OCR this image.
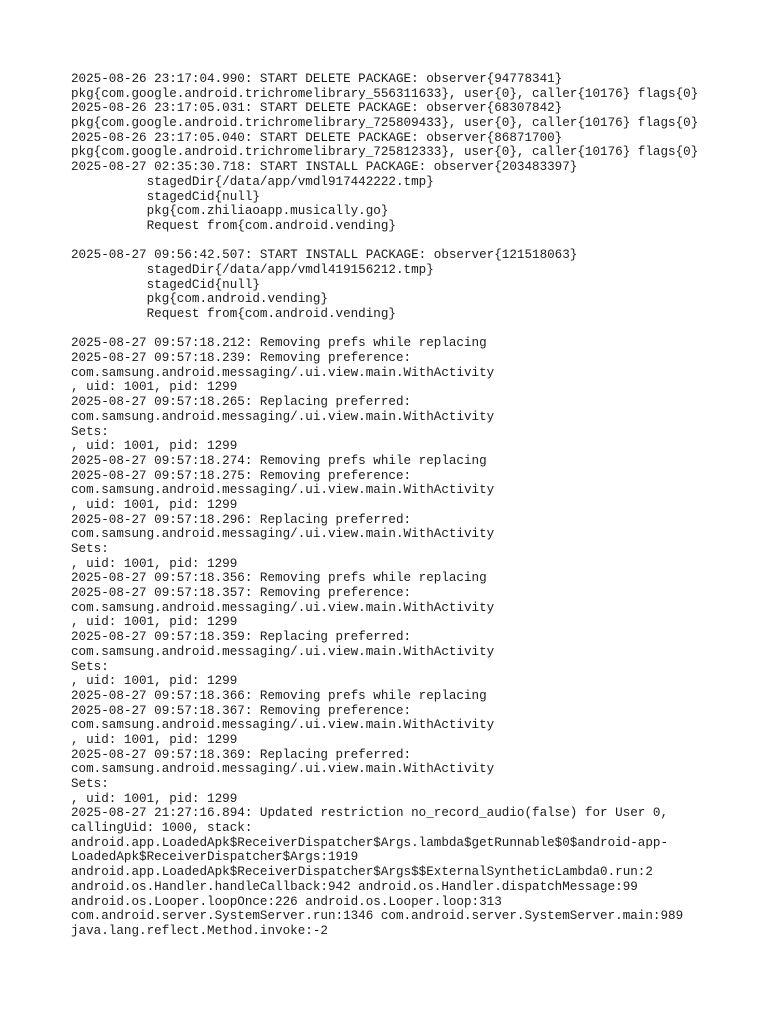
2025-08-26 23:17:04.990: START DELETE PACKAGE: observer{94778341}
pkg{com.google.android.trichromelibrary_556311633}, user{0}, caller{10176} flags{0}
2025-08-26 23:17:05.031: START DELETE PACKAGE: observer{68307842}
pkg{com.google.android.trichromelibrary_725809433}, user{0}, caller{10176} flags{0}
2025-08-26 23:17:05.040: START DELETE PACKAGE: observer{86871700}
pkg{com.google.android.trichromelibrary_725812333}, user{0}, caller{10176} flags{0}
2025-08-27 02:35:30.718: START INSTALL PACKAGE: observer{203483397}
stagedDir{/data/app/vmdl917442222.tmp}
stagedCid{null}
pkg{com.zhiliaoapp.musically.go}
Request from{com.android.vending}
2025-08-27 09:56:42.507: START INSTALL PACKAGE: observer{121518063}
stagedDir{/data/app/vmdl419156212.tmp}
stagedCid{null}
pkg{com.android.vending}
Request from{com.android.vending}
2025-08-27 09:57:18.212: Removing prefs while replacing
2025-08-27 09:57:18.239: Removing preference:
com.samsung.android.messaging/.ui.view.main.WithActivity
, uid: 1001, pid: 1299
2025-08-27 09:57:18.265: Replacing preferred:
com.samsung.android.messaging/.ui.view.main.WithActivity
Sets:
, uid: 1001, pid: 1299
2025-08-27 09:57:18.274: Removing prefs while replacing
2025-08-27 09:57:18.275: Removing preference:
com.samsung.android.messaging/.ui.view.main.WithActivity
, uid: 1001, pid: 1299
2025-08-27 09:57:18.296: Replacing preferred:
com.samsung.android.messaging/.ui.view.main.WithActivity
Sets:
, uid: 1001, pid: 1299
2025-08-27 09:57:18.356: Removing prefs while replacing
2025-08-27 09:57:18.357: Removing preference:
com.samsung.android.messaging/.ui.view.main.WithActivity
, uid: 1001, pid: 1299
2025-08-27 09:57:18.359: Replacing preferred:
com.samsung.android.messaging/.ui.view.main.WithActivity
Sets:
, uid: 1001, pid: 1299
2025-08-27 09:57:18.366: Removing prefs while replacing
2025-08-27 09:57:18.367: Removing preference:
com.samsung.android.messaging/.ui.view.main.WithActivity
, uid: 1001, pid: 1299
2025-08-27 09:57:18.369: Replacing preferred:
com.samsung.android.messaging/.ui.view.main.WithActivity
Sets:
, uid: 1001, pid: 1299
2025-08-27 21:27:16.894: Updated restriction no_record_audio(false) for User 0,
callingUid: 1000, stack:
android.app.LoadedApk$ReceiverDispatcher$Args.lambda$getRunnable$0$android-app-
LoadedApk$ReceiverDispatcher$Args:1919
android.app.LoadedApk$ReceiverDispatcher$Args$$ExternalSyntheticLambda0.run:2
android.os.Handler.handleCallback:942 android.os.Handler.dispatchMessage:99
android.os.Looper.loopOnce:226 android.os.Looper.loop:313
com.android.server.SystemServer.run:1346 com.android.server.SystemServer.main:989
java.lang.reflect.Method.invoke:-2
